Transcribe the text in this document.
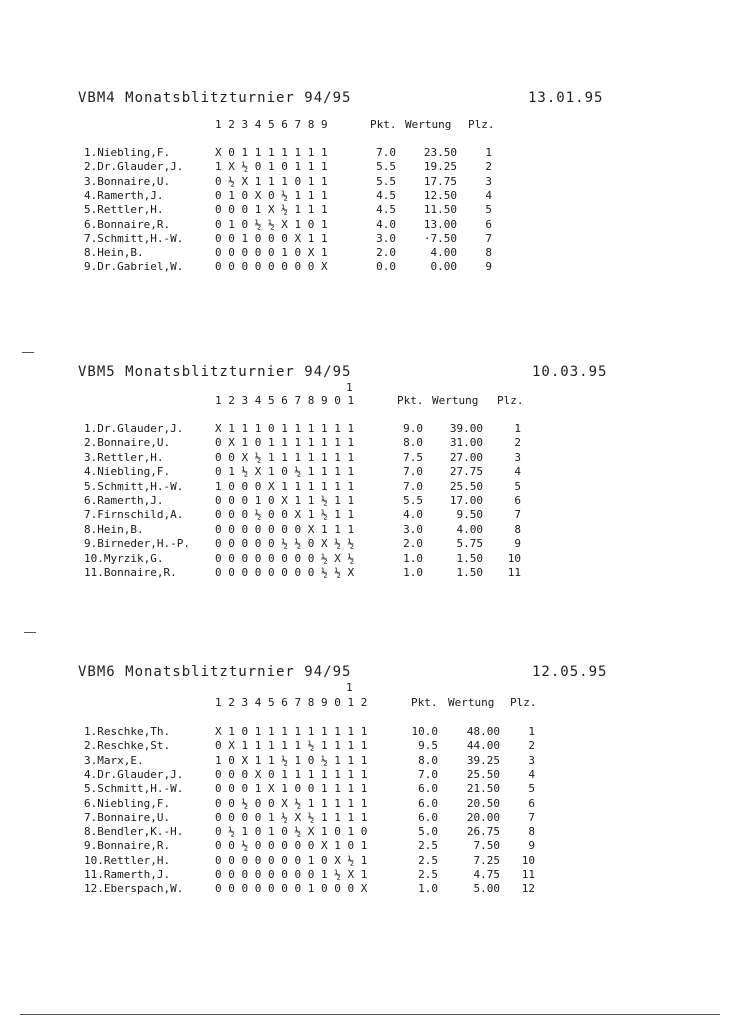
VBM4 Monatsblitzturnier 94/95	13.01.95
1 2 3 4 5 6 7 8 9	Pkt. Wertung Plz.
1.Niebling,F.	X 0 1 1 1 1 1 1 1	7.0	23.50	1
2.Dr.Glauder,J.	1 X ½ 0 1 0 1 1 1	5.5	19.25	2
3.Bonnaire,U.	0 ½ X 1 1 1 0 1 1	5.5	17.75	3
4.Ramerth,J.	0 1 0 X 0 ½ 1 1 1	4.5	12.50	4
5.Rettler,H.	0 0 0 1 X ½ 1 1 1	4.5	11.50	5
6.Bonnaire,R.	0 1 0 ½ ½ X 1 0 1	4.0	13.00	6
7.Schmitt,H.-W.	0 0 1 0 0 0 X 1 1	3.0	·7.50	7
8.Hein,B.	0 0 0 0 0 1 0 X 1	2.0	4.00	8
9.Dr.Gabriel,W.	0 0 0 0 0 0 0 0 X	0.0	0.00	9
VBM5 Monatsblitzturnier 94/95	10.03.95
1
1 2 3 4 5 6 7 8 9 0 1	Pkt. Wertung Plz.
1.Dr.Glauder,J.	X 1 1 1 0 1 1 1 1 1 1	9.0	39.00	1
2.Bonnaire,U.	0 X 1 0 1 1 1 1 1 1 1	8.0	31.00	2
3.Rettler,H.	0 0 X ½ 1 1 1 1 1 1 1	7.5	27.00	3
4.Niebling,F.	0 1 ½ X 1 0 ½ 1 1 1 1	7.0	27.75	4
5.Schmitt,H.-W.	1 0 0 0 X 1 1 1 1 1 1	7.0	25.50	5
6.Ramerth,J.	0 0 0 1 0 X 1 1 ½ 1 1	5.5	17.00	6
7.Firnschild,A.	0 0 0 ½ 0 0 X 1 ½ 1 1	4.0	9.50	7
8.Hein,B.	0 0 0 0 0 0 0 X 1 1 1	3.0	4.00	8
9.Birneder,H.-P. 0 0 0 0 0 ½ ½ 0 X ½ ½	2.0	5.75	9
10.Myrzik,G.	0 0 0 0 0 0 0 0 ½ X ½	1.0	1.50	10
11.Bonnaire,R.	0 0 0 0 0 0 0 0 ½ ½ X	1.0	1.50	11
VBM6 Monatsblitzturnier 94/95	12.05.95
1
1 2 3 4 5 6 7 8 9 0 1 2	Pkt. Wertung Plz.
1.Reschke,Th.	X 1 0 1 1 1 1 1 1 1 1 1	10.0	48.00	1
2.Reschke,St.	0 X 1 1 1 1 1 ½ 1 1 1 1	9.5	44.00	2
3.Marx,E.	1 0 X 1 1 ½ 1 0 ½ 1 1 1	8.0	39.25	3
4.Dr.Glauder,J.	0 0 0 X 0 1 1 1 1 1 1 1	7.0	25.50	4
5.Schmitt,H.-W.	0 0 0 1 X 1 0 0 1 1 1 1	6.0	21.50	5
6.Niebling,F.	0 0 ½ 0 0 X ½ 1 1 1 1 1	6.0	20.50	6
7.Bonnaire,U.	0 0 0 0 1 ½ X ½ 1 1 1 1	6.0	20.00	7
8.Bendler,K.-H.	0 ½ 1 0 1 0 ½ X 1 0 1 0	5.0	26.75	8
9.Bonnaire,R.	0 0 ½ 0 0 0 0 0 X 1 0 1	2.5	7.50	9
10.Rettler,H.	0 0 0 0 0 0 0 1 0 X ½ 1	2.5	7.25	10
11.Ramerth,J.	0 0 0 0 0 0 0 0 1 ½ X 1	2.5	4.75	11
12.Eberspach,W.	0 0 0 0 0 0 0 1 0 0 0 X	1.0	5.00	12
